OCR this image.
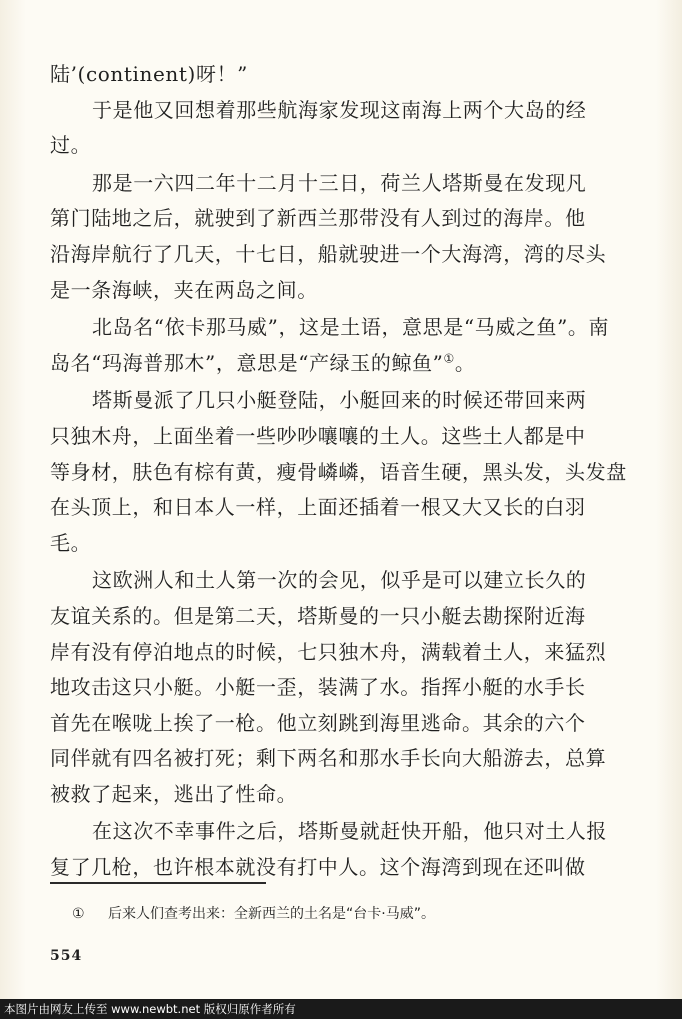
陆’(continent)呀！”
于是他又回想着那些航海家发现这南海上两个大岛的经
过。
那是一六四二年十二月十三日，荷兰人塔斯曼在发现凡
第门陆地之后，就驶到了新西兰那带没有人到过的海岸。他
沿海岸航行了几天，十七日，船就驶进一个大海湾，湾的尽头
是一条海峡，夹在两岛之间。
北岛名“依卡那马威”，这是土语，意思是“马威之鱼”。南
岛名“玛海普那木”，意思是“产绿玉的鲸鱼”①。
塔斯曼派了几只小艇登陆，小艇回来的时候还带回来两
只独木舟，上面坐着一些吵吵嚷嚷的土人。这些土人都是中
等身材，肤色有棕有黄，瘦骨嶙嶙，语音生硬，黑头发，头发盘
在头顶上，和日本人一样，上面还插着一根又大又长的白羽
毛。
这欧洲人和土人第一次的会见，似乎是可以建立长久的
友谊关系的。但是第二天，塔斯曼的一只小艇去勘探附近海
岸有没有停泊地点的时候，七只独木舟，满载着土人，来猛烈
地攻击这只小艇。小艇一歪，装满了水。指挥小艇的水手长
首先在喉咙上挨了一枪。他立刻跳到海里逃命。其余的六个
同伴就有四名被打死；剩下两名和那水手长向大船游去，总算
被救了起来，逃出了性命。
在这次不幸事件之后，塔斯曼就赶快开船，他只对土人报
复了几枪，也许根本就没有打中人。这个海湾到现在还叫做
① 后来人们查考出来：全新西兰的土名是“台卡·马威”。
554
本图片由网友上传至 www.newbt.net 版权归原作者所有
